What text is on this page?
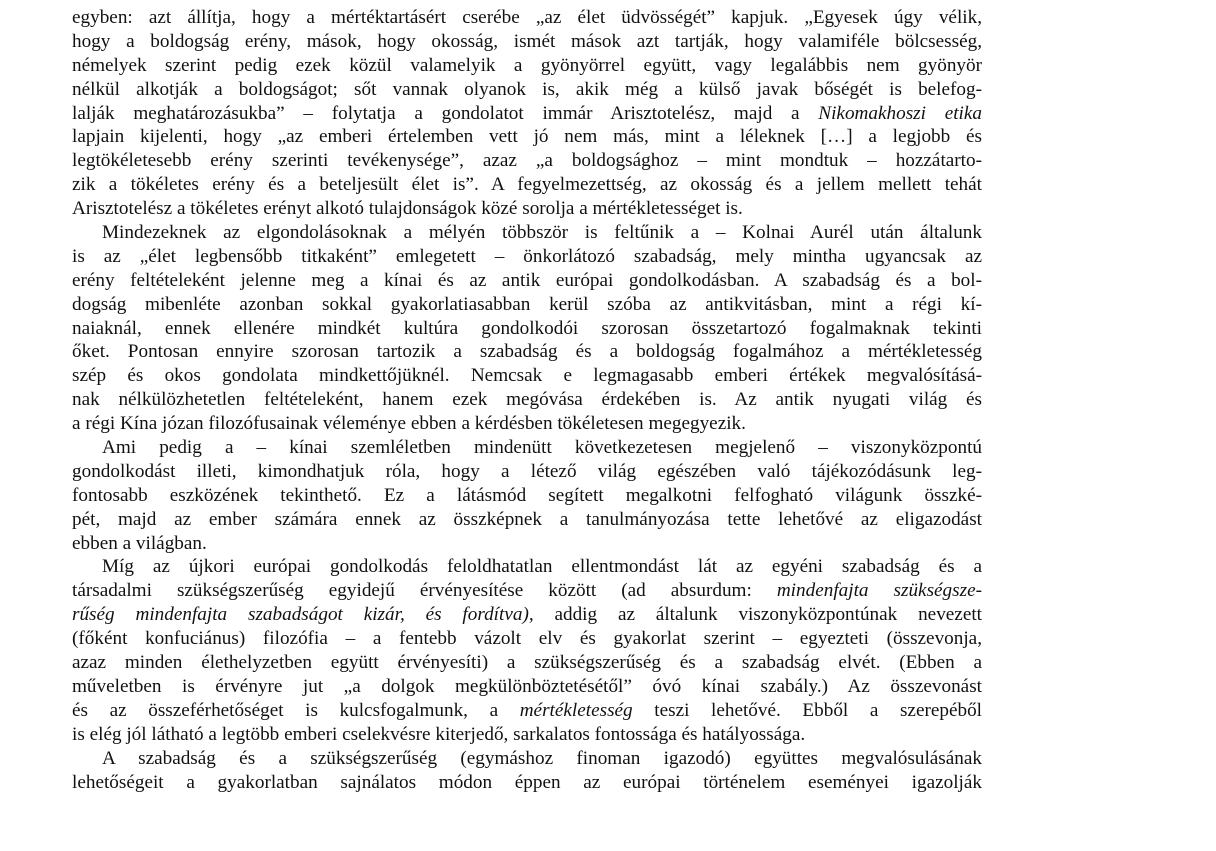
egyben: azt állítja, hogy a mértéktartásért cserébe „az élet üdvösségét” kapjuk. „Egyesek úgy vélik,
hogy a boldogság erény, mások, hogy okosság, ismét mások azt tartják, hogy valamiféle bölcsesség,
némelyek szerint pedig ezek közül valamelyik a gyönyörrel együtt, vagy legalábbis nem gyönyör
nélkül alkotják a boldogságot; sőt vannak olyanok is, akik még a külső javak bőségét is belefog-
lalják meghatározásukba” – folytatja a gondolatot immár Arisztotelész, majd a Nikomakhoszi etika
lapjain kijelenti, hogy „az emberi értelemben vett jó nem más, mint a léleknek […] a legjobb és
legtökéletesebb erény szerinti tevékenysége”, azaz „a boldogsághoz – mint mondtuk – hozzátarto-
zik a tökéletes erény és a beteljesült élet is”. A fegyelmezettség, az okosság és a jellem mellett tehát
Arisztotelész a tökéletes erényt alkotó tulajdonságok közé sorolja a mértékletességet is.
Mindezeknek az elgondolásoknak a mélyén többször is feltűnik a – Kolnai Aurél után általunk
is az „élet legbensőbb titkaként” emlegetett – önkorlátozó szabadság, mely mintha ugyancsak az
erény feltételeként jelenne meg a kínai és az antik európai gondolkodásban. A szabadság és a bol-
dogság mibenléte azonban sokkal gyakorlatiasabban kerül szóba az antikvitásban, mint a régi kí-
naiaknál, ennek ellenére mindkét kultúra gondolkodói szorosan összetartozó fogalmaknak tekinti
őket. Pontosan ennyire szorosan tartozik a szabadság és a boldogság fogalmához a mértékletesség
szép és okos gondolata mindkettőjüknél. Nemcsak e legmagasabb emberi értékek megvalósításá-
nak nélkülözhetetlen feltételeként, hanem ezek megóvása érdekében is. Az antik nyugati világ és
a régi Kína józan filozófusainak véleménye ebben a kérdésben tökéletesen megegyezik.
Ami pedig a – kínai szemléletben mindenütt következetesen megjelenő – viszonyközpontú
gondolkodást illeti, kimondhatjuk róla, hogy a létező világ egészében való tájékozódásunk leg-
fontosabb eszközének tekinthető. Ez a látásmód segített megalkotni felfogható világunk összké-
pét, majd az ember számára ennek az összképnek a tanulmányozása tette lehetővé az eligazodást
ebben a világban.
Míg az újkori európai gondolkodás feloldhatatlan ellentmondást lát az egyéni szabadság és a
társadalmi szükségszerűség egyidejű érvényesítése között (ad absurdum: mindenfajta szükségsze-
rűség mindenfajta szabadságot kizár, és fordítva), addig az általunk viszonyközpontúnak nevezett
(főként konfuciánus) filozófia – a fentebb vázolt elv és gyakorlat szerint – egyezteti (összevonja,
azaz minden élethelyzetben együtt érvényesíti) a szükségszerűség és a szabadság elvét. (Ebben a
műveletben is érvényre jut „a dolgok megkülönböztetésétől” óvó kínai szabály.) Az összevonást
és az összeférhetőséget is kulcsfogalmunk, a mértékletesség teszi lehetővé. Ebből a szerepéből
is elég jól látható a legtöbb emberi cselekvésre kiterjedő, sarkalatos fontossága és hatályossága.
A szabadság és a szükségszerűség (egymáshoz finoman igazodó) együttes megvalósulásának
lehetőségeit a gyakorlatban sajnálatos módon éppen az európai történelem eseményei igazolják
